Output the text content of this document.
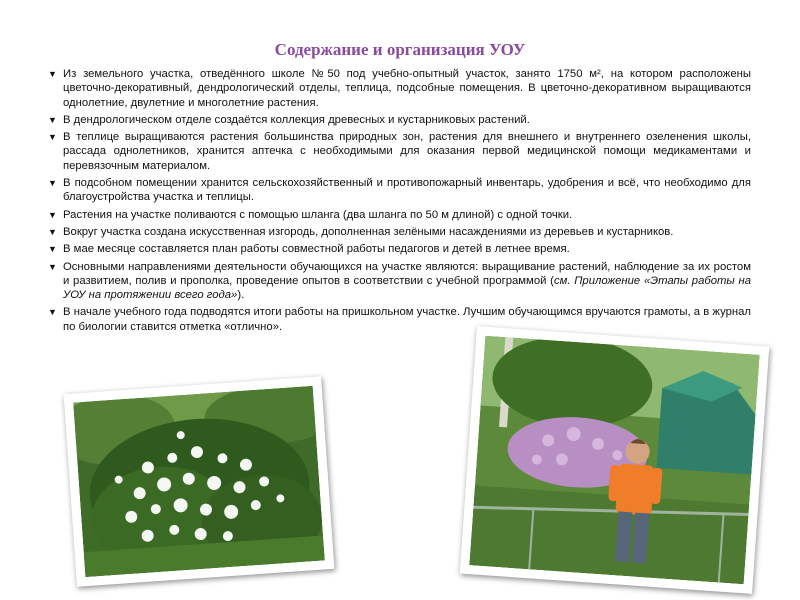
Содержание и организация УОУ
▼ Из земельного участка, отведённого школе №50 под учебно-опытный участок, занято 1750 м², на котором расположены цветочно-декоративный, дендрологический отделы, теплица, подсобные помещения. В цветочно-декоративном выращиваются однолетние, двулетние и многолетние растения.
▼ В дендрологическом отделе создаётся коллекция древесных и кустарниковых растений.
▼ В теплице выращиваются растения большинства природных зон, растения для внешнего и внутреннего озеленения школы, рассада однолетников, хранится аптечка с необходимыми для оказания первой медицинской помощи медикаментами и перевязочным материалом.
▼ В подсобном помещении хранится сельскохозяйственный и противопожарный инвентарь, удобрения и всё, что необходимо для благоустройства участка и теплицы.
▼ Растения на участке поливаются с помощью шланга (два шланга по 50 м длиной) с одной точки.
▼ Вокруг участка создана искусственная изгородь, дополненная зелёными насаждениями из деревьев и кустарников.
▼ В мае месяце составляется план работы совместной работы педагогов и детей в летнее время.
▼ Основными направлениями деятельности обучающихся на участке являются: выращивание растений, наблюдение за их ростом и развитием, полив и прополка, проведение опытов в соответствии с учебной программой (см. Приложение «Этапы работы на УОУ на протяжении всего года»).
▼ В начале учебного года подводятся итоги работы на пришкольном участке. Лучшим обучающимся вручаются грамоты, а в журнал по биологии ставится отметка «отлично».
